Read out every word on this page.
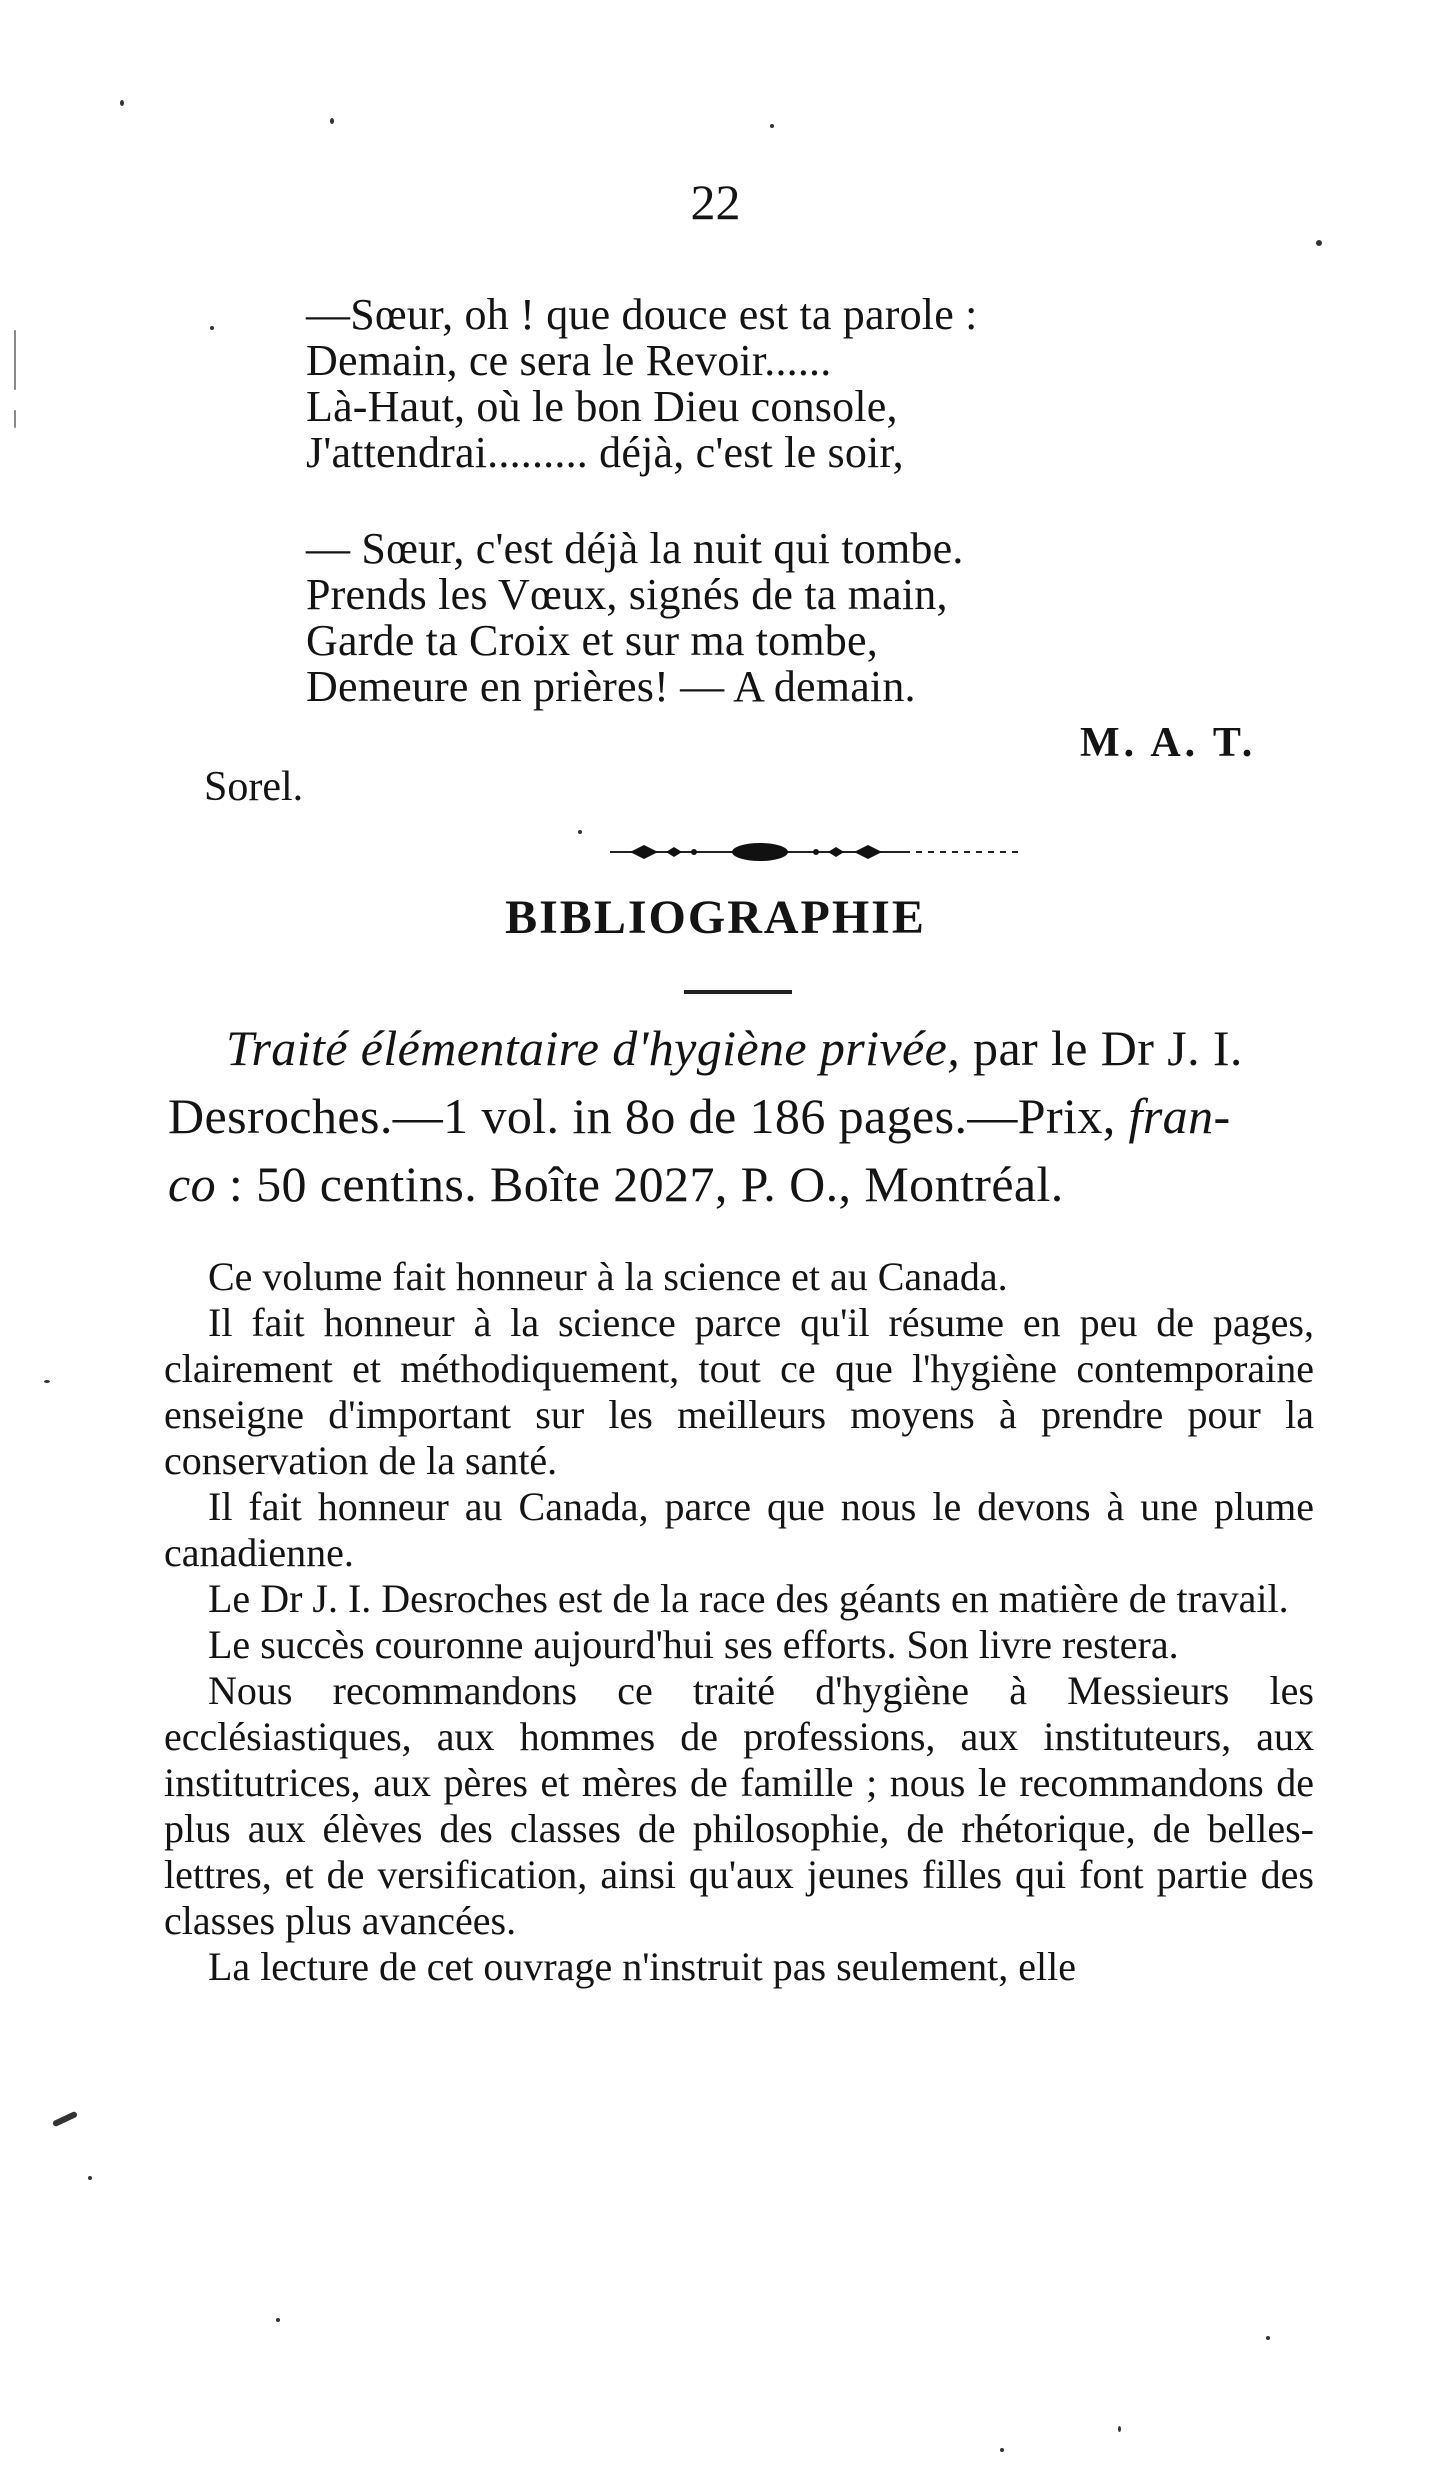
22
—Sœur, oh ! que douce est ta parole :
Demain, ce sera le Revoir......
Là-Haut, où le bon Dieu console,
J'attendrai......... déjà, c'est le soir,
— Sœur, c'est déjà la nuit qui tombe.
Prends les Vœux, signés de ta main,
Garde ta Croix et sur ma tombe,
Demeure en prières! — A demain.
M. A. T.
Sorel.
BIBLIOGRAPHIE
Traité élémentaire d'hygiène privée, par le Dr J. I.
Desroches.—1 vol. in 8o de 186 pages.—Prix, fran-
co : 50 centins. Boîte 2027, P. O., Montréal.

Ce volume fait honneur à la science et au Canada.

Il fait honneur à la science parce qu'il résume en peu de pages, clairement et méthodiquement, tout ce que l'hygiène contemporaine enseigne d'important sur les meilleurs moyens à prendre pour la conservation de la santé.

Il fait honneur au Canada, parce que nous le devons à une plume canadienne.

Le Dr J. I. Desroches est de la race des géants en matière de travail.

Le succès couronne aujourd'hui ses efforts. Son livre restera.

Nous recommandons ce traité d'hygiène à Messieurs les ecclésiastiques, aux hommes de professions, aux instituteurs, aux institutrices, aux pères et mères de famille ; nous le recommandons de plus aux élèves des classes de philosophie, de rhétorique, de belles-lettres, et de versification, ainsi qu'aux jeunes filles qui font partie des classes plus avancées.

La lecture de cet ouvrage n'instruit pas seulement, elle
